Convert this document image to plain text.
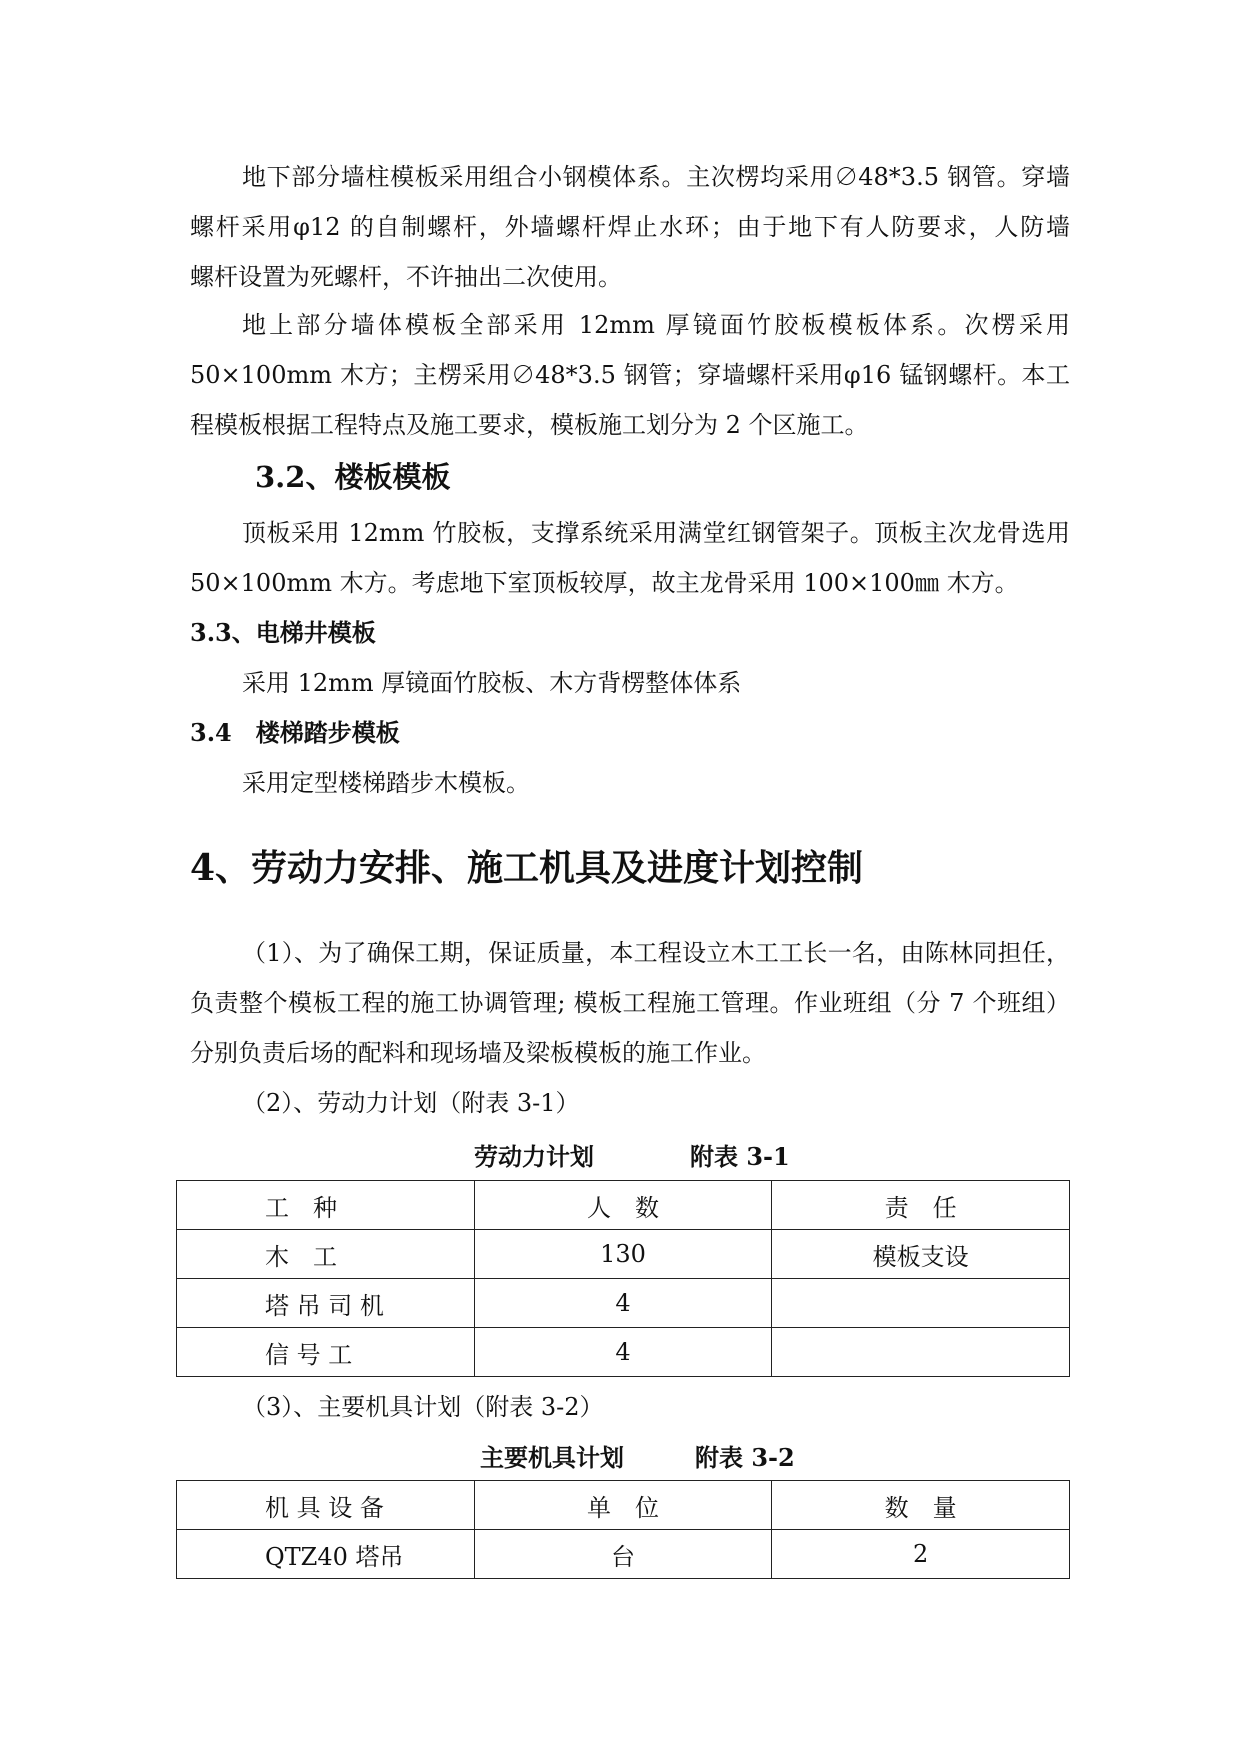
地下部分墙柱模板采用组合小钢模体系。主次楞均采用∅48*3.5 钢管。穿墙

螺杆采用φ12 的自制螺杆，外墙螺杆焊止水环；由于地下有人防要求，人防墙

螺杆设置为死螺杆，不许抽出二次使用。

地上部分墙体模板全部采用 12mm 厚镜面竹胶板模板体系。次楞采用

50×100mm 木方；主楞采用∅48*3.5 钢管；穿墙螺杆采用φ16 锰钢螺杆。本工

程模板根据工程特点及施工要求，模板施工划分为 2 个区施工。

3.2、楼板模板

顶板采用 12mm 竹胶板，支撑系统采用满堂红钢管架子。顶板主次龙骨选用

50×100mm 木方。考虑地下室顶板较厚，故主龙骨采用 100×100㎜ 木方。

3.3、电梯井模板

采用 12mm 厚镜面竹胶板、木方背楞整体体系

3.4　楼梯踏步模板

采用定型楼梯踏步木模板。

4、劳动力安排、施工机具及进度计划控制

（1）、为了确保工期，保证质量，本工程设立木工工长一名，由陈林同担任，

负责整个模板工程的施工协调管理; 模板工程施工管理。作业班组（分 7 个班组）

分别负责后场的配料和现场墙及梁板模板的施工作业。

（2）、劳动力计划（附表 3-1）

劳动力计划	附表 3-1

工　种	人　数	责　任
木　工	130	模板支设
塔 吊 司 机	4	
信 号 工	4	

（3）、主要机具计划（附表 3-2）

主要机具计划	附表 3-2

机 具 设 备	单　位	数　量
QTZ40 塔吊	台	2
